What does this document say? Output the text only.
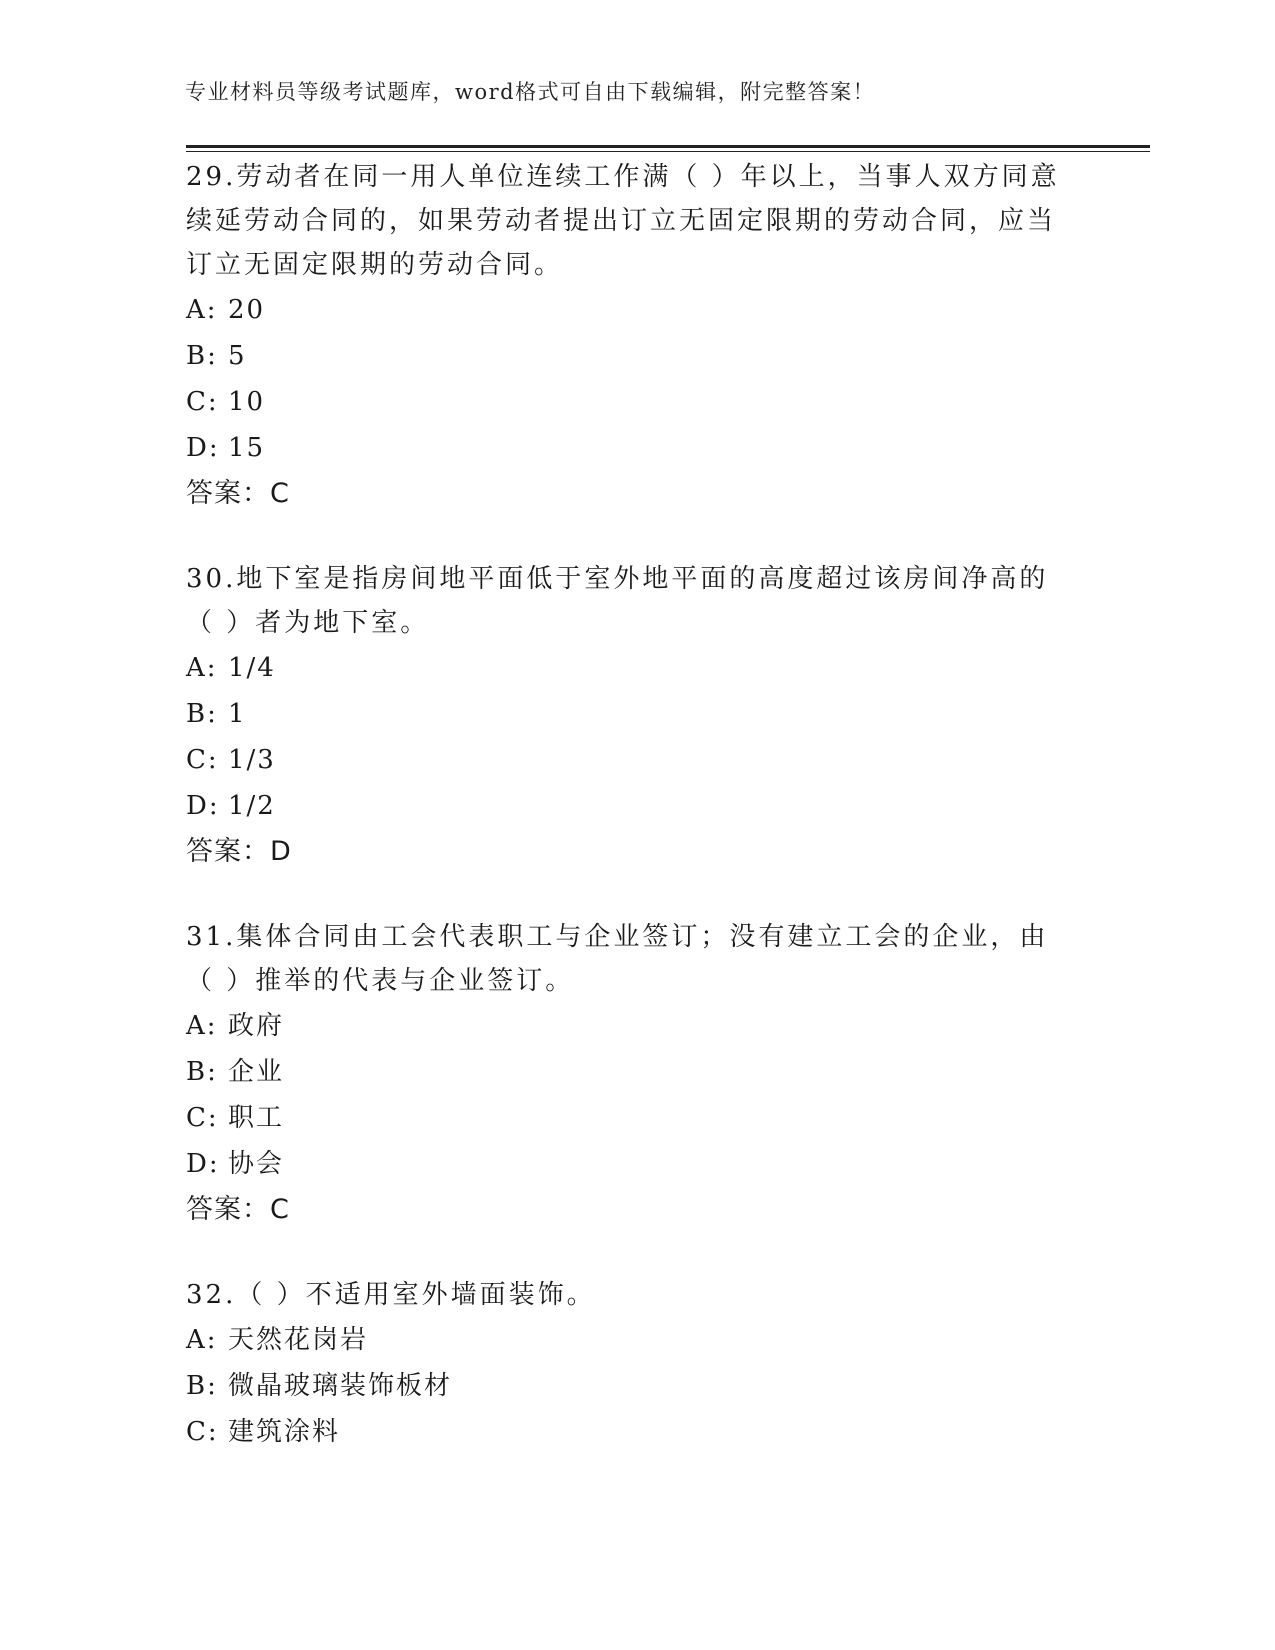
专业材料员等级考试题库，word格式可自由下载编辑，附完整答案！

29.劳动者在同一用人单位连续工作满（ ）年以上，当事人双方同意续延劳动合同的，如果劳动者提出订立无固定限期的劳动合同，应当订立无固定限期的劳动合同。

A: 20

B: 5

C: 10

D: 15

答案：C

30.地下室是指房间地平面低于室外地平面的高度超过该房间净高的（ ）者为地下室。

A: 1/4

B: 1

C: 1/3

D: 1/2

答案：D

31.集体合同由工会代表职工与企业签订；没有建立工会的企业，由（ ）推举的代表与企业签订。

A: 政府

B: 企业

C: 职工

D: 协会

答案：C

32.（ ）不适用室外墙面装饰。

A: 天然花岗岩

B: 微晶玻璃装饰板材

C: 建筑涂料
